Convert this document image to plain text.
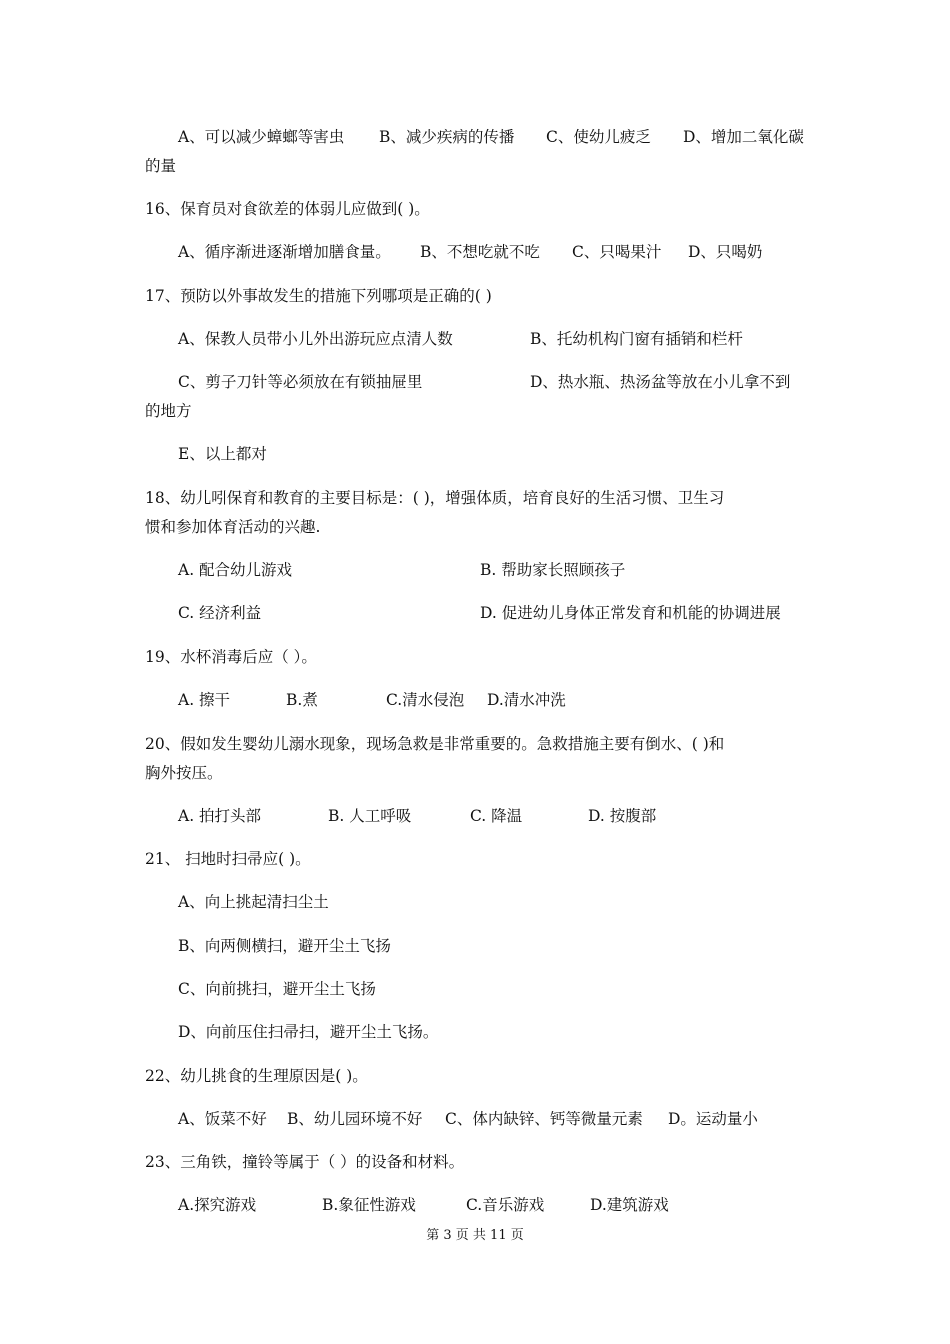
A、可以减少蟑螂等害虫 B、减少疾病的传播 C、使幼儿疲乏 D、增加二氧化碳
的量
16、保育员对食欲差的体弱儿应做到( )。
A、循序渐进逐渐增加膳食量。 B、不想吃就不吃 C、只喝果汁 D、只喝奶
17、预防以外事故发生的措施下列哪项是正确的( )
A、保教人员带小儿外出游玩应点清人数	B、托幼机构门窗有插销和栏杆
C、剪子刀针等必须放在有锁抽屉里	D、热水瓶、热汤盆等放在小儿拿不到
的地方
E、以上都对
18、幼儿吲保育和教育的主要目标是：( )，增强体质，培育良好的生活习惯、卫生习
惯和参加体育活动的兴趣.
A. 配合幼儿游戏	B. 帮助家长照顾孩子
C. 经济利益	D. 促进幼儿身体正常发育和机能的协调进展
19、水杯消毒后应（ ）。
A. 擦干	B.煮	C.清水侵泡 D.清水冲洗
20、假如发生婴幼儿溺水现象，现场急救是非常重要的。急救措施主要有倒水、( )和
胸外按压。
A. 拍打头部	B. 人工呼吸	C. 降温	D. 按腹部
21、 扫地时扫帚应( )。
A、向上挑起清扫尘土
B、向两侧横扫，避开尘土飞扬
C、向前挑扫，避开尘土飞扬
D、向前压住扫帚扫，避开尘土飞扬。
22、幼儿挑食的生理原因是( )。
A、饭菜不好 B、幼儿园环境不好 C、体内缺锌、钙等微量元素 D。运动量小
23、三角铁，撞铃等属于（ ）的设备和材料。
A.探究游戏	B.象征性游戏	C.音乐游戏	D.建筑游戏
第 3 页 共 11 页
